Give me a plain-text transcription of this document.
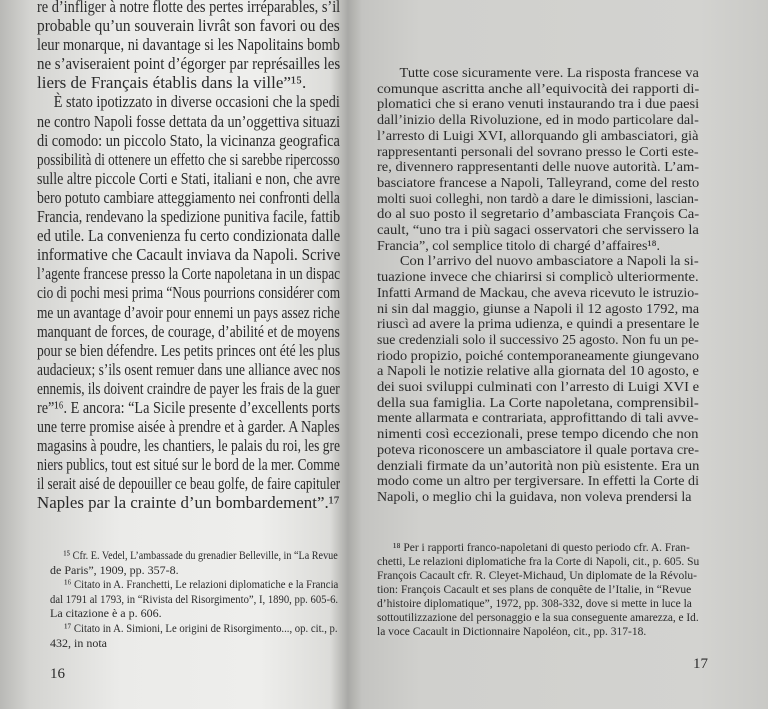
re d’infliger à notre flotte des pertes irréparables, s’il
probable qu’un souverain livrât son favori ou des
leur monarque, ni davantage si les Napolitains bomb
ne s’aviseraient point d’égorger par représailles les
liers de Français établis dans la ville”¹⁵.
È stato ipotizzato in diverse occasioni che la spedi
ne contro Napoli fosse dettata da un’oggettiva situazi
di comodo: un piccolo Stato, la vicinanza geografica
possibilità di ottenere un effetto che si sarebbe ripercosso
sulle altre piccole Corti e Stati, italiani e non, che avre
bero potuto cambiare atteggiamento nei confronti della
Francia, rendevano la spedizione punitiva facile, fattib
ed utile. La convenienza fu certo condizionata dalle
informative che Cacault inviava da Napoli. Scrive
l’agente francese presso la Corte napoletana in un dispac
cio di pochi mesi prima “Nous pourrions considérer com
me un avantage d’avoir pour ennemi un pays assez riche
manquant de forces, de courage, d’abilité et de moyens
pour se bien défendre. Les petits princes ont été les plus
audacieux; s’ils osent remuer dans une alliance avec nos
ennemis, ils doivent craindre de payer les frais de la guer
re”¹⁶. E ancora: “La Sicile presente d’excellents ports
une terre promise aisée à prendre et à garder. A Naples
magasins à poudre, les chantiers, le palais du roi, les gre
niers publics, tout est situé sur le bord de la mer. Comme
il serait aisé de depouiller ce beau golfe, de faire capituler
Naples par la crainte d’un bombardement”.¹⁷
¹⁵ Cfr. E. Vedel, L’ambassade du grenadier Belleville, in “La Revue
de Paris”, 1909, pp. 357-8.
¹⁶ Citato in A. Franchetti, Le relazioni diplomatiche e la Francia
dal 1791 al 1793, in “Rivista del Risorgimento”, I, 1890, pp. 605-6.
La citazione è a p. 606.
¹⁷ Citato in A. Simioni, Le origini de Risorgimento..., op. cit., p.
432, in nota
16
Tutte cose sicuramente vere. La risposta francese va
comunque ascritta anche all’equivocità dei rapporti di-
plomatici che si erano venuti instaurando tra i due paesi
dall’inizio della Rivoluzione, ed in modo particolare dal-
l’arresto di Luigi XVI, allorquando gli ambasciatori, già
rappresentanti personali del sovrano presso le Corti este-
re, divennero rappresentanti delle nuove autorità. L’am-
basciatore francese a Napoli, Talleyrand, come del resto
molti suoi colleghi, non tardò a dare le dimissioni, lascian-
do al suo posto il segretario d’ambasciata François Ca-
cault, “uno tra i più sagaci osservatori che servissero la
Francia”, col semplice titolo di chargé d’affaires¹⁸.
Con l’arrivo del nuovo ambasciatore a Napoli la si-
tuazione invece che chiarirsi si complicò ulteriormente.
Infatti Armand de Mackau, che aveva ricevuto le istruzio-
ni sin dal maggio, giunse a Napoli il 12 agosto 1792, ma
riuscì ad avere la prima udienza, e quindi a presentare le
sue credenziali solo il successivo 25 agosto. Non fu un pe-
riodo propizio, poiché contemporaneamente giungevano
a Napoli le notizie relative alla giornata del 10 agosto, e
dei suoi sviluppi culminati con l’arresto di Luigi XVI e
della sua famiglia. La Corte napoletana, comprensibil-
mente allarmata e contrariata, approfittando di tali avve-
nimenti così eccezionali, prese tempo dicendo che non
poteva riconoscere un ambasciatore il quale portava cre-
denziali firmate da un’autorità non più esistente. Era un
modo come un altro per tergiversare. In effetti la Corte di
Napoli, o meglio chi la guidava, non voleva prendersi la
¹⁸ Per i rapporti franco-napoletani di questo periodo cfr. A. Fran-
chetti, Le relazioni diplomatiche fra la Corte di Napoli, cit., p. 605. Su
François Cacault cfr. R. Cleyet-Michaud, Un diplomate de la Révolu-
tion: François Cacault et ses plans de conquête de l’Italie, in “Revue
d’histoire diplomatique”, 1972, pp. 308-332, dove si mette in luce la
sottoutilizzazione del personaggio e la sua conseguente amarezza, e Id.
la voce Cacault in Dictionnaire Napoléon, cit., pp. 317-18.
17
